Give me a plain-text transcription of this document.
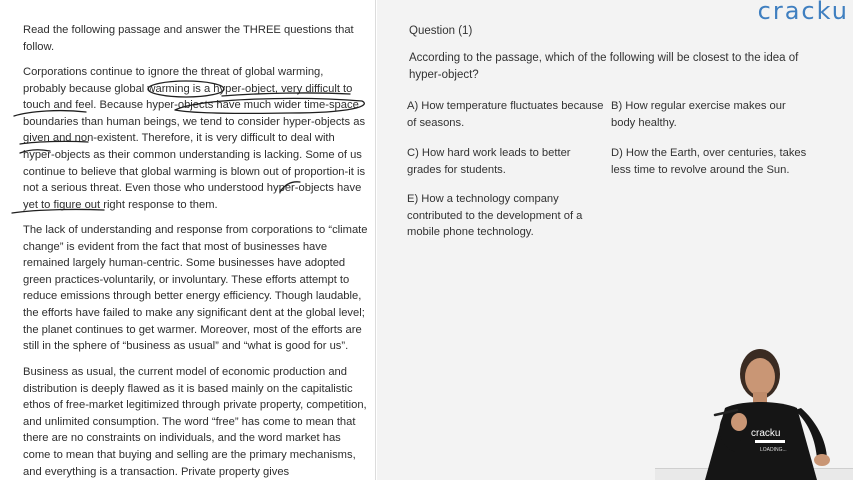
Read the following passage and answer the THREE questions that follow.

Corporations continue to ignore the threat of global warming, probably because global warming is a hyper-object, very difficult to touch and feel. Because hyper-objects have much wider time-space boundaries than human beings, we tend to consider hyper-objects as given and non-existent. Therefore, it is very difficult to deal with hyper-objects as their common understanding is lacking. Some of us continue to believe that global warming is blown out of proportion-it is not a serious threat. Even those who understood hyper-objects have yet to figure out right response to them.

The lack of understanding and response from corporations to “climate change” is evident from the fact that most of businesses have remained largely human-centric. Some businesses have adopted green practices-voluntarily, or involuntary. These efforts attempt to reduce emissions through better energy efficiency. Though laudable, the efforts have failed to make any significant dent at the global level; the planet continues to get warmer. Moreover, most of the efforts are still in the sphere of “business as usual” and “what is good for us”.

Business as usual, the current model of economic production and distribution is deeply flawed as it is based mainly on the capitalistic ethos of free-market legitimized through private property, competition, and unlimited consumption. The word “free” has come to mean that there are no constraints on individuals, and the word market has come to mean that buying and selling are the primary mechanisms, and everything is a transaction. Private property gives

cracku
Question (1)
According to the passage, which of the following will be closest to the idea of hyper-object?
A) How temperature fluctuates because of seasons.
B) How regular exercise makes our body healthy.
C) How hard work leads to better grades for students.
D) How the Earth, over centuries, takes less time to revolve around the Sun.
E) How a technology company contributed to the development of a mobile phone technology.
cracku
LOADING...
